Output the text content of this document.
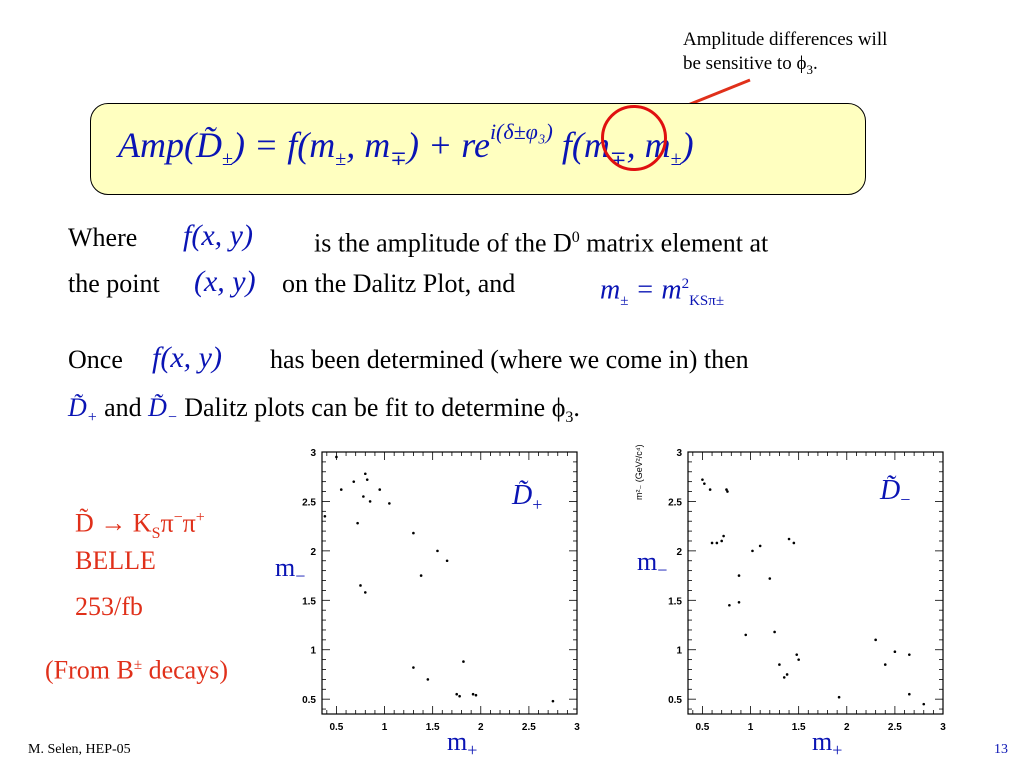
Amplitude differences will
be sensitive to $\phi_3$.
$Amp(D̃_\pm) = f(m_\pm$, $m_\mp) + re^{i(\delta\pm\varphi_3)}$ $f(m_\mp$, $m_\pm$)
Where f(x, y) is the amplitude of the $D^0$ matrix element at
the point (x, y) on the Dalitz Plot, and	$m_\pm = m^2_{KS\pi\pm}$
Once f(x, y) has been determined (where we come in) then
$D̃_+$ and $D̃_-$ Dalitz plots can be fit to determine $\phi_3$.
D̃ → $K_S\pi^-\pi^+$
BELLE
253/fb
(From B± decays)
$m_-$
$m_-$
$m_+$	$m_+$
0.5	1	1.5	2	2.5	3
0.5
1
1.5
2
2.5
3
0.5	1	1.5	2	2.5	3
0.5
1
1.5
2
2.5
3
$D̃_+$	$D̃_-$
m²₋ (GeV²/c⁴)
M. Selen, HEP-05	13
